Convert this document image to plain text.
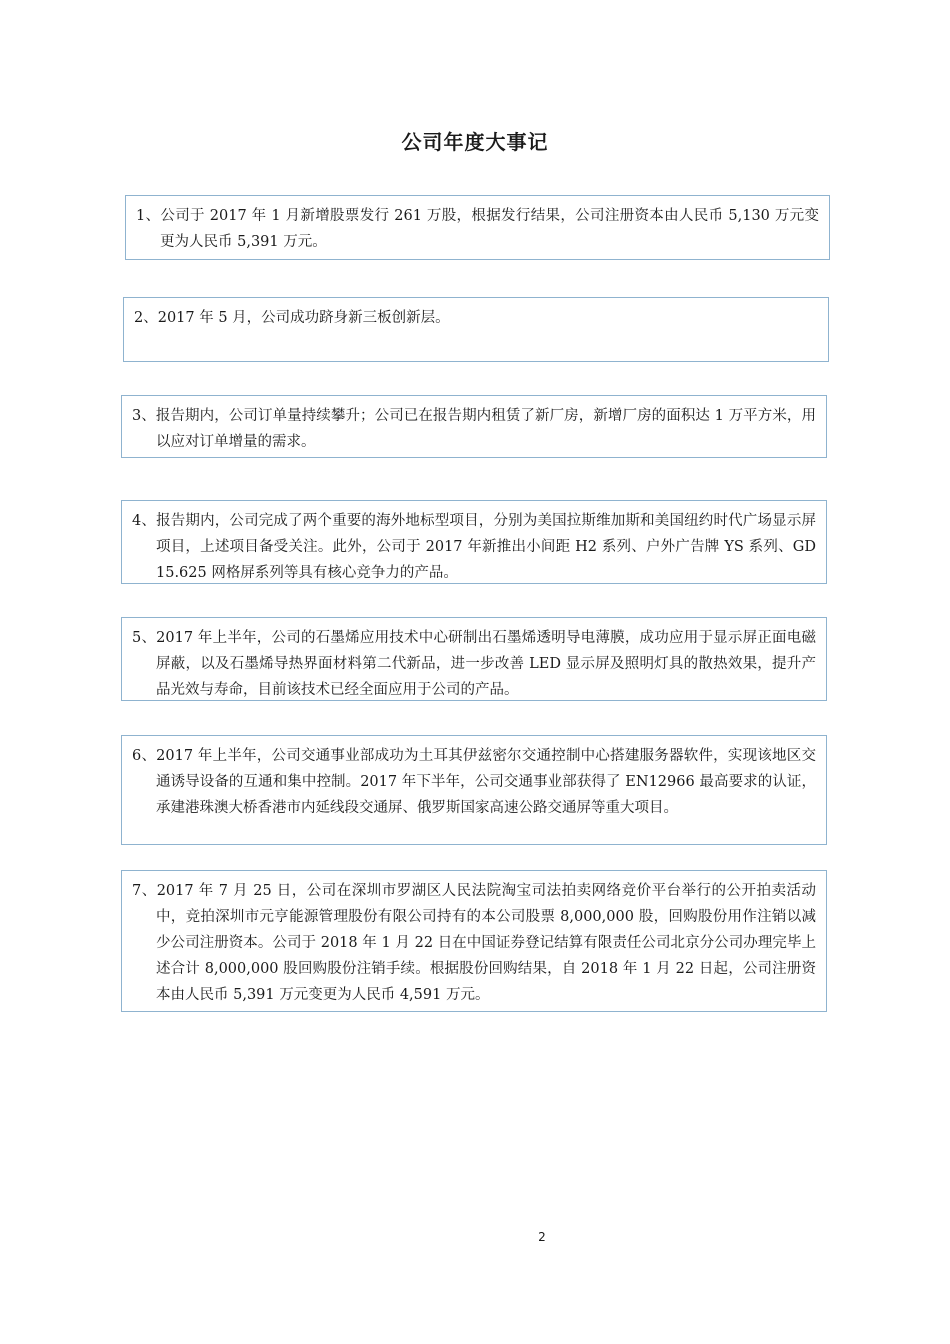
公司年度大事记

1、公司于 2017 年 1 月新增股票发行 261 万股，根据发行结果，公司注册资本由人民币 5,130 万元变更为人民币 5,391 万元。

2、2017 年 5 月，公司成功跻身新三板创新层。

3、报告期内，公司订单量持续攀升；公司已在报告期内租赁了新厂房，新增厂房的面积达 1 万平方米，用以应对订单增量的需求。

4、报告期内，公司完成了两个重要的海外地标型项目，分别为美国拉斯维加斯和美国纽约时代广场显示屏项目，上述项目备受关注。此外，公司于 2017 年新推出小间距 H2 系列、户外广告牌 YS 系列、GD15.625 网格屏系列等具有核心竞争力的产品。

5、2017 年上半年，公司的石墨烯应用技术中心研制出石墨烯透明导电薄膜，成功应用于显示屏正面电磁屏蔽，以及石墨烯导热界面材料第二代新品，进一步改善 LED 显示屏及照明灯具的散热效果，提升产品光效与寿命，目前该技术已经全面应用于公司的产品。

6、2017 年上半年，公司交通事业部成功为土耳其伊兹密尔交通控制中心搭建服务器软件，实现该地区交通诱导设备的互通和集中控制。2017 年下半年，公司交通事业部获得了 EN12966 最高要求的认证，承建港珠澳大桥香港市内延线段交通屏、俄罗斯国家高速公路交通屏等重大项目。

7、2017 年 7 月 25 日，公司在深圳市罗湖区人民法院淘宝司法拍卖网络竞价平台举行的公开拍卖活动中，竞拍深圳市元亨能源管理股份有限公司持有的本公司股票 8,000,000 股，回购股份用作注销以减少公司注册资本。公司于 2018 年 1 月 22 日在中国证券登记结算有限责任公司北京分公司办理完毕上述合计 8,000,000 股回购股份注销手续。根据股份回购结果，自 2018 年 1 月 22 日起，公司注册资本由人民币 5,391 万元变更为人民币 4,591 万元。

2
